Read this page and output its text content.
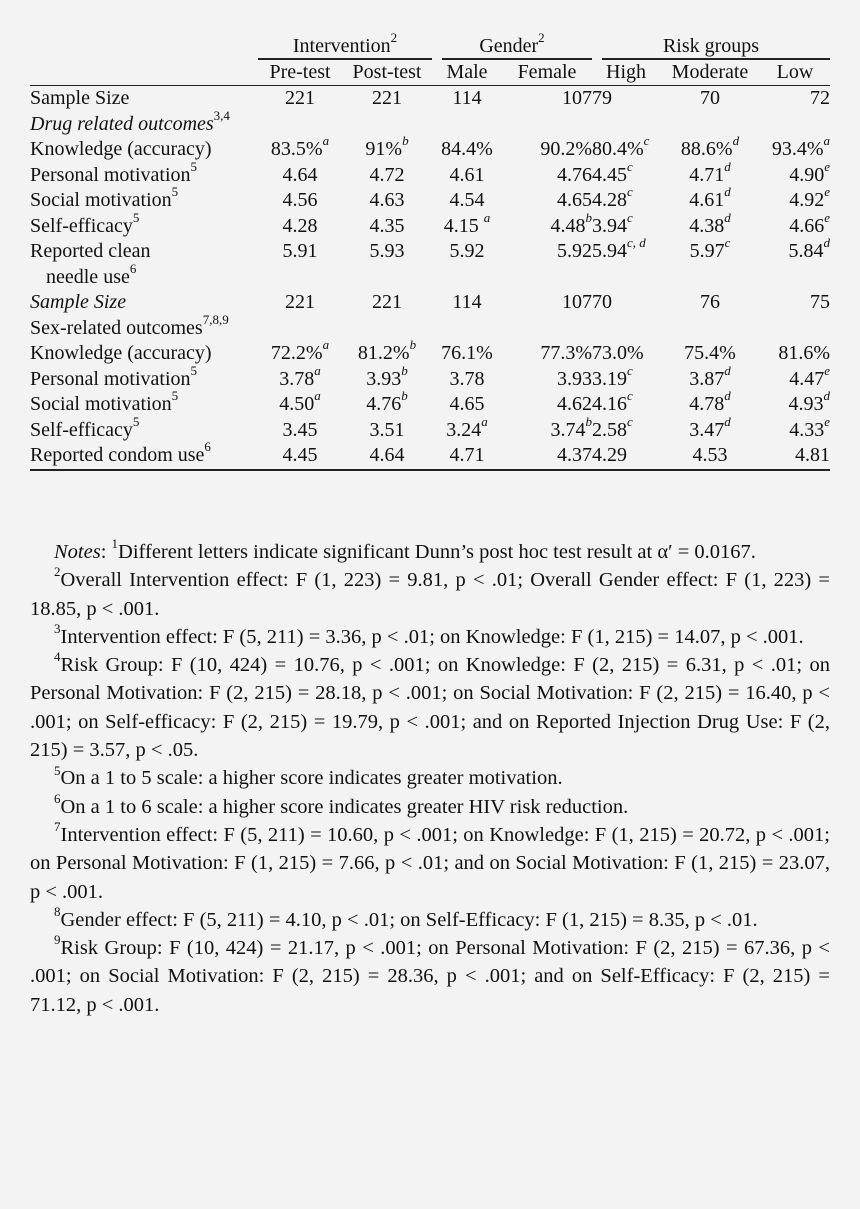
	Intervention$^2$		Gender$^2$		Risk groups		

	Pre-test	Post-test	Male	Female	High	Moderate	Low
Sample Size	221	221	114	107	79	70	72
Drug related outcomes$^{3,4}$							
Knowledge (accuracy)	83.5%$^a$	91%$^b$	84.4%	90.2%	80.4%$^c$	88.6%$^d$	93.4%$^a$
Personal motivation$^5$	4.64	4.72	4.61	4.76	4.45$^c$	4.71$^d$	4.90e
Social motivation$^5$	4.56	4.63	4.54	4.65	4.28$^c$	4.61$^d$	4.92e
Self-efficacy$^5$	4.28	4.35	4.15 $^a$	4.48$^b$	3.94$^c$	4.38$^d$	4.66e
Reported clean	5.91	5.93	5.92	5.92	5.94$^{c, d}$	5.97$^c$	5.84$^d$
needle use$^6$							
Sample Size	221	221	114	107	70	76	75
Sex-related outcomes$^{7,8,9}$							
Knowledge (accuracy)	72.2%$^a$	81.2%$^b$	76.1%	77.3%	73.0%	75.4%	81.6%
Personal motivation$^5$	3.78$^a$	3.93$^b$	3.78	3.93	3.19$^c$	3.87$^d$	4.47e
Social motivation$^5$	4.50$^a$	4.76$^b$	4.65	4.62	4.16$^c$	4.78$^d$	4.93$^d$
Self-efficacy$^5$	3.45	3.51	3.24$^a$	3.74$^b$	2.58$^c$	3.47$^d$	4.33e
Reported condom use$^6$	4.45	4.64	4.71	4.37	4.29	4.53	4.81

Notes: $^1$Different letters indicate significant Dunn’s post hoc test result at α′ = 0.0167.

$^2$Overall Intervention effect: F (1, 223) = 9.81, p < .01; Overall Gender effect: F (1, 223) = 18.85, p < .001.

$^3$Intervention effect: F (5, 211) = 3.36, p < .01; on Knowledge: F (1, 215) = 14.07, p < .001.

$^4$Risk Group: F (10, 424) = 10.76, p < .001; on Knowledge: F (2, 215) = 6.31, p < .01; on Personal Motivation: F (2, 215) = 28.18, p < .001; on Social Motivation: F (2, 215) = 16.40, p < .001; on Self-efficacy: F (2, 215) = 19.79, p < .001; and on Reported Injection Drug Use: F (2, 215) = 3.57, p < .05.

$^5$On a 1 to 5 scale: a higher score indicates greater motivation.

$^6$On a 1 to 6 scale: a higher score indicates greater HIV risk reduction.

$^7$Intervention effect: F (5, 211) = 10.60, p < .001; on Knowledge: F (1, 215) = 20.72, p < .001; on Personal Motivation: F (1, 215) = 7.66, p < .01; and on Social Motivation: F (1, 215) = 23.07, p < .001.

$^8$Gender effect: F (5, 211) = 4.10, p < .01; on Self-Efficacy: F (1, 215) = 8.35, p < .01.

$^9$Risk Group: F (10, 424) = 21.17, p < .001; on Personal Motivation: F (2, 215) = 67.36, p < .001; on Social Motivation: F (2, 215) = 28.36, p < .001; and on Self-Efficacy: F (2, 215) = 71.12, p < .001.
